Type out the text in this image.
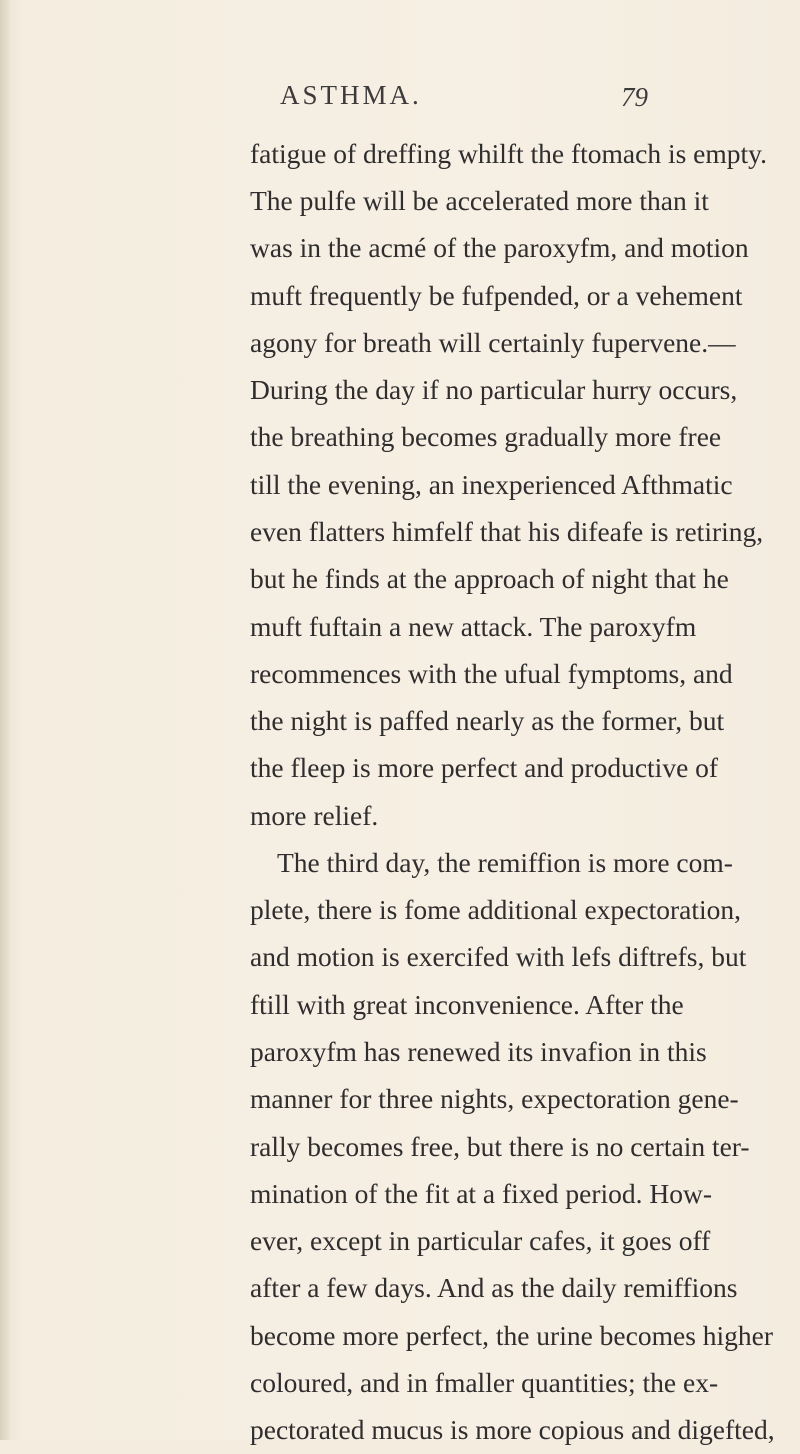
ASTHMA.	79
fatigue of dreffing whilft the ftomach is empty.
The pulfe will be accelerated more than it
was in the acmé of the paroxyfm, and motion
muft frequently be fufpended, or a vehement
agony for breath will certainly fupervene.—
During the day if no particular hurry occurs,
the breathing becomes gradually more free
till the evening, an inexperienced Afthmatic
even flatters himfelf that his difeafe is retiring,
but he finds at the approach of night that he
muft fuftain a new attack. The paroxyfm
recommences with the ufual fymptoms, and
the night is paffed nearly as the former, but
the fleep is more perfect and productive of
more relief.
The third day, the remiffion is more com-
plete, there is fome additional expectoration,
and motion is exercifed with lefs diftrefs, but
ftill with great inconvenience. After the
paroxyfm has renewed its invafion in this
manner for three nights, expectoration gene-
rally becomes free, but there is no certain ter-
mination of the fit at a fixed period. How-
ever, except in particular cafes, it goes off
after a few days. And as the daily remiffions
become more perfect, the urine becomes higher
coloured, and in fmaller quantities; the ex-
pectorated mucus is more copious and digefted,
